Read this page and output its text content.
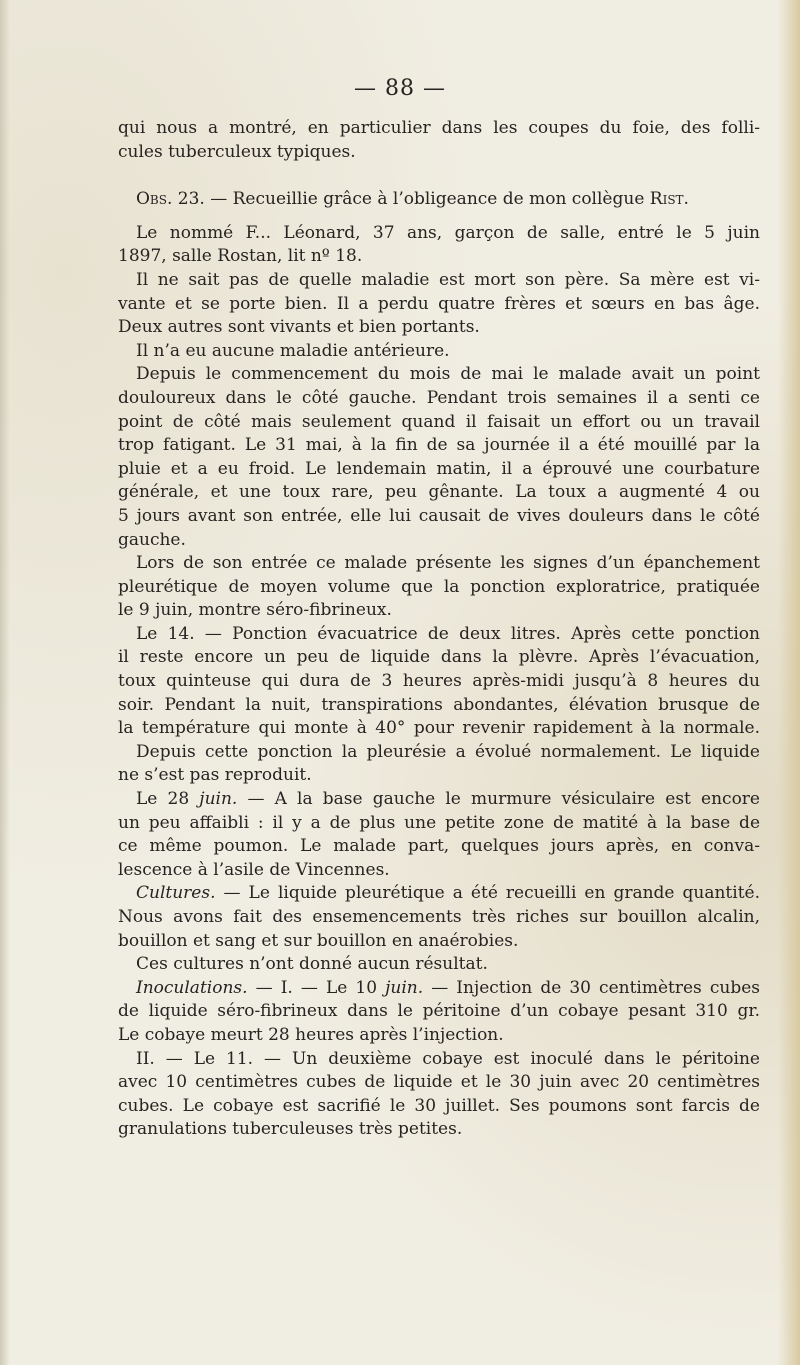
— 88 —
qui nous a montré, en particulier dans les coupes du foie, des folli-
cules tuberculeux typiques.
Obs. 23. — Recueillie grâce à l’obligeance de mon collègue Rist.
Le nommé F... Léonard, 37 ans, garçon de salle, entré le 5 juin
1897, salle Rostan, lit nº 18.
Il ne sait pas de quelle maladie est mort son père. Sa mère est vi-
vante et se porte bien. Il a perdu quatre frères et sœurs en bas âge.
Deux autres sont vivants et bien portants.
Il n’a eu aucune maladie antérieure.
Depuis le commencement du mois de mai le malade avait un point
douloureux dans le côté gauche. Pendant trois semaines il a senti ce
point de côté mais seulement quand il faisait un effort ou un travail
trop fatigant. Le 31 mai, à la fin de sa journée il a été mouillé par la
pluie et a eu froid. Le lendemain matin, il a éprouvé une courbature
générale, et une toux rare, peu gênante. La toux a augmenté 4 ou
5 jours avant son entrée, elle lui causait de vives douleurs dans le côté
gauche.
Lors de son entrée ce malade présente les signes d’un épanchement
pleurétique de moyen volume que la ponction exploratrice, pratiquée
le 9 juin, montre séro-fibrineux.
Le 14. — Ponction évacuatrice de deux litres. Après cette ponction
il reste encore un peu de liquide dans la plèvre. Après l’évacuation,
toux quinteuse qui dura de 3 heures après-midi jusqu’à 8 heures du
soir. Pendant la nuit, transpirations abondantes, élévation brusque de
la température qui monte à 40° pour revenir rapidement à la normale.
Depuis cette ponction la pleurésie a évolué normalement. Le liquide
ne s’est pas reproduit.
Le 28 juin. — A la base gauche le murmure vésiculaire est encore
un peu affaibli : il y a de plus une petite zone de matité à la base de
ce même poumon. Le malade part, quelques jours après, en conva-
lescence à l’asile de Vincennes.
Cultures. — Le liquide pleurétique a été recueilli en grande quantité.
Nous avons fait des ensemencements très riches sur bouillon alcalin,
bouillon et sang et sur bouillon en anaérobies.
Ces cultures n’ont donné aucun résultat.
Inoculations. — I. — Le 10 juin. — Injection de 30 centimètres cubes
de liquide séro-fibrineux dans le péritoine d’un cobaye pesant 310 gr.
Le cobaye meurt 28 heures après l’injection.
II. — Le 11. — Un deuxième cobaye est inoculé dans le péritoine
avec 10 centimètres cubes de liquide et le 30 juin avec 20 centimètres
cubes. Le cobaye est sacrifié le 30 juillet. Ses poumons sont farcis de
granulations tuberculeuses très petites.
